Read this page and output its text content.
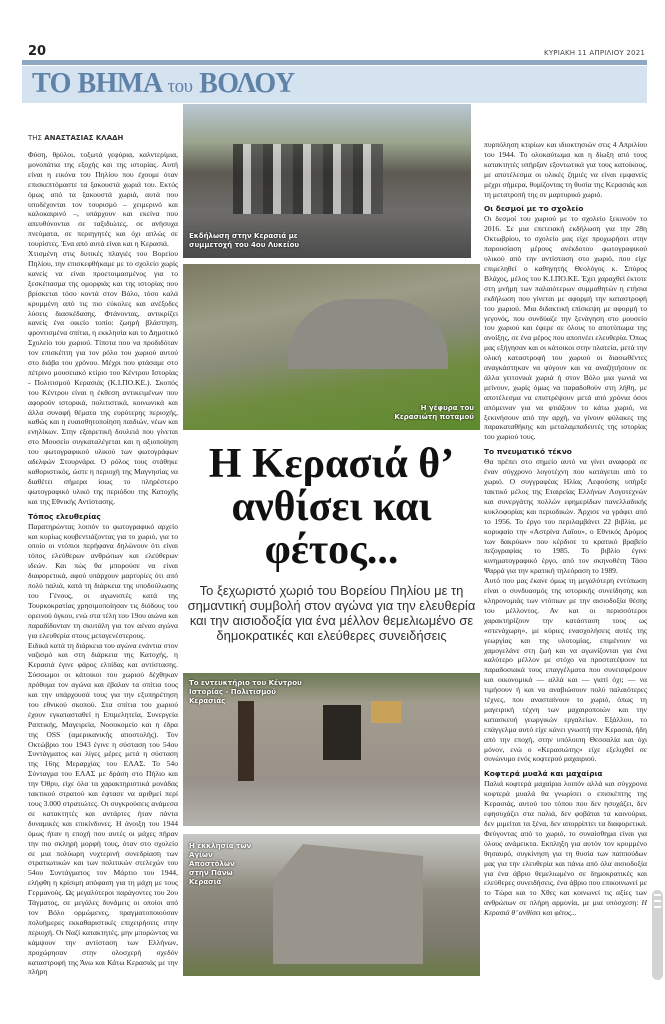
20	ΚΥΡΙΑΚΗ 11 ΑΠΡΙΛΙΟΥ 2021
ΤΟ ΒΗΜΑ του ΒΟΛΟΥ
ΤΗΣ ΑΝΑΣΤΑΣΙΑΣ ΚΛΑΔΗ

Φύση, θρύλοι, τοξωτά γεφύρια, καλντερίμια, μονοπάτια της εξοχής και της ιστορίας. Αυτή είναι η εικόνα του Πηλίου που έχουμε όταν επισκεπτόμαστε τα ξακουστά χωριά του. Εκτός όμως από τα ξακουστά χωριά, αυτά που υποδέχονται τον τουρισμό – χειμερινό και καλοκαιρινό –, υπάρχουν και εκείνα που απευθύνονται σε ταξιδιώτες, σε ανήσυχα πνεύματα, σε περιηγητές και όχι απλώς σε τουρίστες. Ένα από αυτά είναι και η Κερασιά.

Χτισμένη στις δυτικές πλαγιές του Βορείου Πηλίου, την επισκεφθήκαμε με το σχολείο χωρίς κανείς να είναι προετοιμασμένος για το ξεσκέπασμα της ομορφιάς και της ιστορίας που βρίσκεται τόσο κοντά στον Βόλο, τόσο καλά κρυμμένη από τις πιο εύκολες και ανέξοδες λύσεις διασκέδασης. Φτάνοντας, αντικρίζει κανείς ένα οικείο τοπίο: ζωηρή βλάστηση, φροντισμένα σπίτια, η εκκλησία και το Δημοτικό Σχολείο του χωριού. Τίποτα που να προδιδόταν τον επισκέπτη για τον ρόλο του χωριού αυτού στο διάβα του χρόνου. Μέχρι που φτάσαμε στο πέτρινο μουσειακό κτίριο του Κέντρου Ιστορίας - Πολιτισμού Κερασιάς (Κ.Ι.ΠΟ.ΚΕ.). Σκοπός του Κέντρου είναι η έκθεση αντικειμένων που αφορούν ιστορικά, πολιτιστικά, κοινωνικά και άλλα συναφή θέματα της ευρύτερης περιοχής, καθώς και η ευαισθητοποίηση παιδιών, νέων και ενηλίκων. Στην εξαιρετική δουλειά που γίνεται στο Μουσείο συγκαταλέγεται και η αξιοποίηση του φωτογραφικού υλικού των φωτογράφων αδελφών Στουρνάρα. Ο ρόλος τους στάθηκε καθοριστικός, ώστε η περιοχή της Μαγνησίας να διαθέτει σήμερα ίσως το πληρέστερο φωτογραφικό υλικό της περιόδου της Κατοχής και της Εθνικής Αντίστασης.

Τόπος ελευθερίας

Παρατηρώντας λοιπόν το φωτογραφικό αρχείο και κυρίως κουβεντιάζοντας για το χωριό, για το οποίο οι ντόπιοι περήφανα δηλώνουν ότι είναι τόπος ελεύθερων ανθρώπων και ελεύθερων ιδεών. Και πώς θα μπορούσε να είναι διαφορετικά, αφού υπάρχουν μαρτυρίες ότι από πολύ παλιά, κατά τη διάρκεια της υποδούλωσης του Γένους, οι αγωνιστές κατά της Τουρκοκρατίας χρησιμοποίησαν τις διόδους του ορεινού όγκου, ενώ στα τέλη του 19ου αιώνα και παραδίδονταν τη σκυτάλη για τον αέναο αγώνα για ελευθερία στους μεταγενέστερους.

Ειδικά κατά τη διάρκεια του αγώνα ενάντια στον ναζισμό και στη διάρκεια της Κατοχής, η Κερασιά έγινε φάρος ελπίδας και αντίστασης. Σύσσωμοι οι κάτοικοι του χωριού δέχθηκαν πρόθυμα τον αγώνα και έβαλαν τα σπίτια τους και την υπάρχουσά τους για την εξυπηρέτηση του εθνικού σκοπού. Στα σπίτια του χωριού έχουν εγκατασταθεί η Επιμελητεία, Συνεργεία Ραπτικής, Μαγειρεία, Νοσοκομείο και η έδρα της OSS (αμερικανικής αποστολής). Τον Οκτώβριο του 1943 έγινε η σύσταση του 54ου Συντάγματος και λίγες μέρες μετά η σύσταση της 16ης Μεραρχίας του ΕΛΑΣ. Το 54ο Σύνταγμα του ΕΛΑΣ με δράση στο Πήλιο και την Όθρυ, είχε όλα τα χαρακτηριστικά μονάδας τακτικού στρατού και έφτασε να αριθμεί περί τους 3.000 στρατιώτες. Οι συγκρούσεις ανάμεσα σε κατακτητές και αντάρτες ήταν πάντα δυναμικές και επικίνδυνες. Η άνοιξη του 1944 όμως ήταν η εποχή που αυτές οι μάχες πήραν την πιο σκληρή μορφή τους, όταν στο σχολείο σε μια πολύωρη νυχτερινή συνεδρίαση των στρατιωτικών και των πολιτικών στελεχών του 54ου Συντάγματος τον Μάρτιο του 1944, ελήφθη η κρίσιμη απόφαση για τη μάχη με τους Γερμανούς. Ως μεγαλύτεροι παράγοντες του 2ου Τάγματος, σε μεγάλες δυνάμεις οι οποίοι από τον Βόλο ορμώμενες, πραγματοποιούσαν πολυήμερες εκκαθαριστικές επιχειρήσεις στην περιοχή. Οι Ναζί κατακτητές, μην μπορώντας να κάμψουν την αντίσταση των Ελλήνων, προχώρησαν στην ολοσχερή σχεδόν καταστροφή της Άνω και Κάτω Κερασιάς με την πλήρη

Εκδήλωση στην Κερασιά με συμμετοχή του 4ου Λυκείου
Η γέφυρα του Κερασιώτη ποταμού
Η Κερασιά θ’ ανθίσει και φέτος...
Το ξεχωριστό χωριό του Βορείου Πηλίου με τη σημαντική συμβολή στον αγώνα για την ελευθερία και την αισιοδοξία για ένα μέλλον θεμελιωμένο σε δημοκρατικές και ελεύθερες συνειδήσεις
Το εντευκτήριο του Κέντρου Ιστορίας - Πολιτισμού Κερασιάς
Η εκκλησία των Αγίων Αποστόλων στην Πάνω Κερασιά

πυρπόληση κτιρίων και ιδιοκτησιών στις 4 Απριλίου του 1944. Το ολοκαύτωμα και η δίωξη από τους κατακτητές υπήρξαν εξοντωτικά για τους κατοίκους, με αποτέλεσμα οι υλικές ζημιές να είναι εμφανείς μέχρι σήμερα, θυμίζοντας τη θυσία της Κερασιάς και τη μετατροπή της σε μαρτυρικό χωριό.

Οι δεσμοί με το σχολείο

Οι δεσμοί του χωριού με το σχολείο ξεκινούν το 2016. Σε μια επετειακή εκδήλωση για την 28η Οκτωβρίου, το σχολείο μας είχε προχωρήσει στην παρουσίαση μέρους ανέκδοτου φωτογραφικού υλικού από την αντίσταση στο χωριό, που είχε επιμεληθεί ο καθηγητής Θεολόγος κ. Σπύρος Βλάχος, μέλος του Κ.Ι.ΠΟ.ΚΕ. Έχει χαραχθεί έκτοτε στη μνήμη των παλαιότερων συμμαθητών η ετήσια εκδήλωση που γίνεται με αφορμή την καταστροφή του χωριού. Μια διδακτική επίσκεψη με αφορμή το γεγονός, που συνδύαζε την ξενάγηση στο μουσείο του χωριού και έφερε σε όλους το αποτύπωμα της ανοίξης, σε ένα μέρος που αποπνέει ελευθερία. Όπως μας εξήγησαν και οι κάτοικοι στην πλατεία, μετά την ολική καταστροφή του χωριού οι διασωθέντες αναγκάστηκαν να φύγουν και να αναζητήσουν σε άλλα γειτονικά χωριά ή στον Βόλο μια γωνιά να μείνουν, χωρίς όμως να παραδοθούν στη λήθη, με αποτέλεσμα να επιστρέψουν μετά από χρόνια όσοι απόμειναν για να φτιάξουν το κάτω χωριό, να ξεκινήσουν από την αρχή, να γίνουν φύλακες της παρακαταθήκης και μεταλαμπαδευτές της ιστορίας του χωριού τους.

Το πνευματικό τέκνο

Θα πρέπει στο σημείο αυτό να γίνει αναφορά σε έναν σύγχρονο λογοτέχνη που κατάγεται από το χωριό. Ο συγγραφέας Ηλίας Λεφούσης υπήρξε τακτικό μέλος της Εταιρείας Ελλήνων Λογοτεχνών και συνεργάτης πολλών εφημερίδων πανελλαδικής κυκλοφορίας και περιοδικών. Άρχισε να γράφει από το 1956. Το έργο του περιλαμβάνει 22 βιβλία, με κορυφαίο την «Αστρίνα Λαΐου», ο Εθνικός Δρόμος των δακρύων» που κέρδισε το κρατικό βραβείο πεζογραφίας το 1985. Το βιβλίο έγινε κινηματογραφικό έργο, από τον σκηνοθέτη Τάσο Ψαρρά για την κρατική τηλεόραση το 1989.

Αυτό που μας έκανε όμως τη μεγαλύτερη εντύπωση είναι ο συνδυασμός της ιστορικής συνείδησης και κληρονομιάς των ντόπιων με την αισιοδοξία θέσης του μέλλοντος. Αν και οι περισσότεροι χαρακτηρίζουν την κατάσταση τους ως «στενάχωρη», με κύριες ενασχολήσεις αυτές της γεωργίας και της υλοτομίας, επιμένουν να χαμογελάνε στη ζωή και να αγωνίζονται για ένα καλύτερο μέλλον με στόχο να προστατέψουν τα παραδοσιακά τους επαγγέλματα που συνεισφέρουν και οικονομικά — αλλά και — γιατί όχι; — να τιμήσουν ή και να αναβιώσουν πολύ παλαιότερες τέχνες, που ανασταίνουν το χωριό, όπως τη μαγειρική τέχνη των μαχαιροποιών και την κατασκευή γεωργικών εργαλείων. Εξάλλου, το επάγγελμα αυτό είχε κάνει γνωστή την Κερασιά, ήδη από την εποχή, στην υπόλοιπη Θεσσαλία και όχι μόνον, ενώ ο «Κερασιώτης» είχε εξελιχθεί σε συνώνυμο ενός κοφτερού μαχαιριού.

Κοφτερά μυαλά και μαχαίρια

Παλιά κοφτερά μαχαίρια λοιπόν αλλά και σύγχρονα κοφτερά μυαλά θα γνωρίσει ο επισκέπτης της Κερασιάς, αυτού του τόπου που δεν ησυχάζει, δεν εφησυχάζει στα παλιά, δεν φοβάται τα καινούρια, δεν μιμείται τα ξένα, δεν απορρίπτει τα διαφορετικά. Φεύγοντας από το χωριό, το συναίσθημα είναι για όλους ανάμεικτα. Εκπληξη για αυτόν τον κρυμμένο θησαυρό, συγκίνηση για τη θυσία των παππούδων μας για την ελευθερία και πάνω από όλα αισιοδοξία για ένα άβριο θεμελιωμένο σε δημοκρατικές και ελεύθερες συνειδήσεις, ένα άβριο που επικοινωνεί με το Τώρα και το Χθες και κοινωνεί τις αξίες των ανθρώπων σε πλήρη αρμονία, με μια υπόσχεση: Η Κερασιά θ’ ανθίσει και φέτος...
